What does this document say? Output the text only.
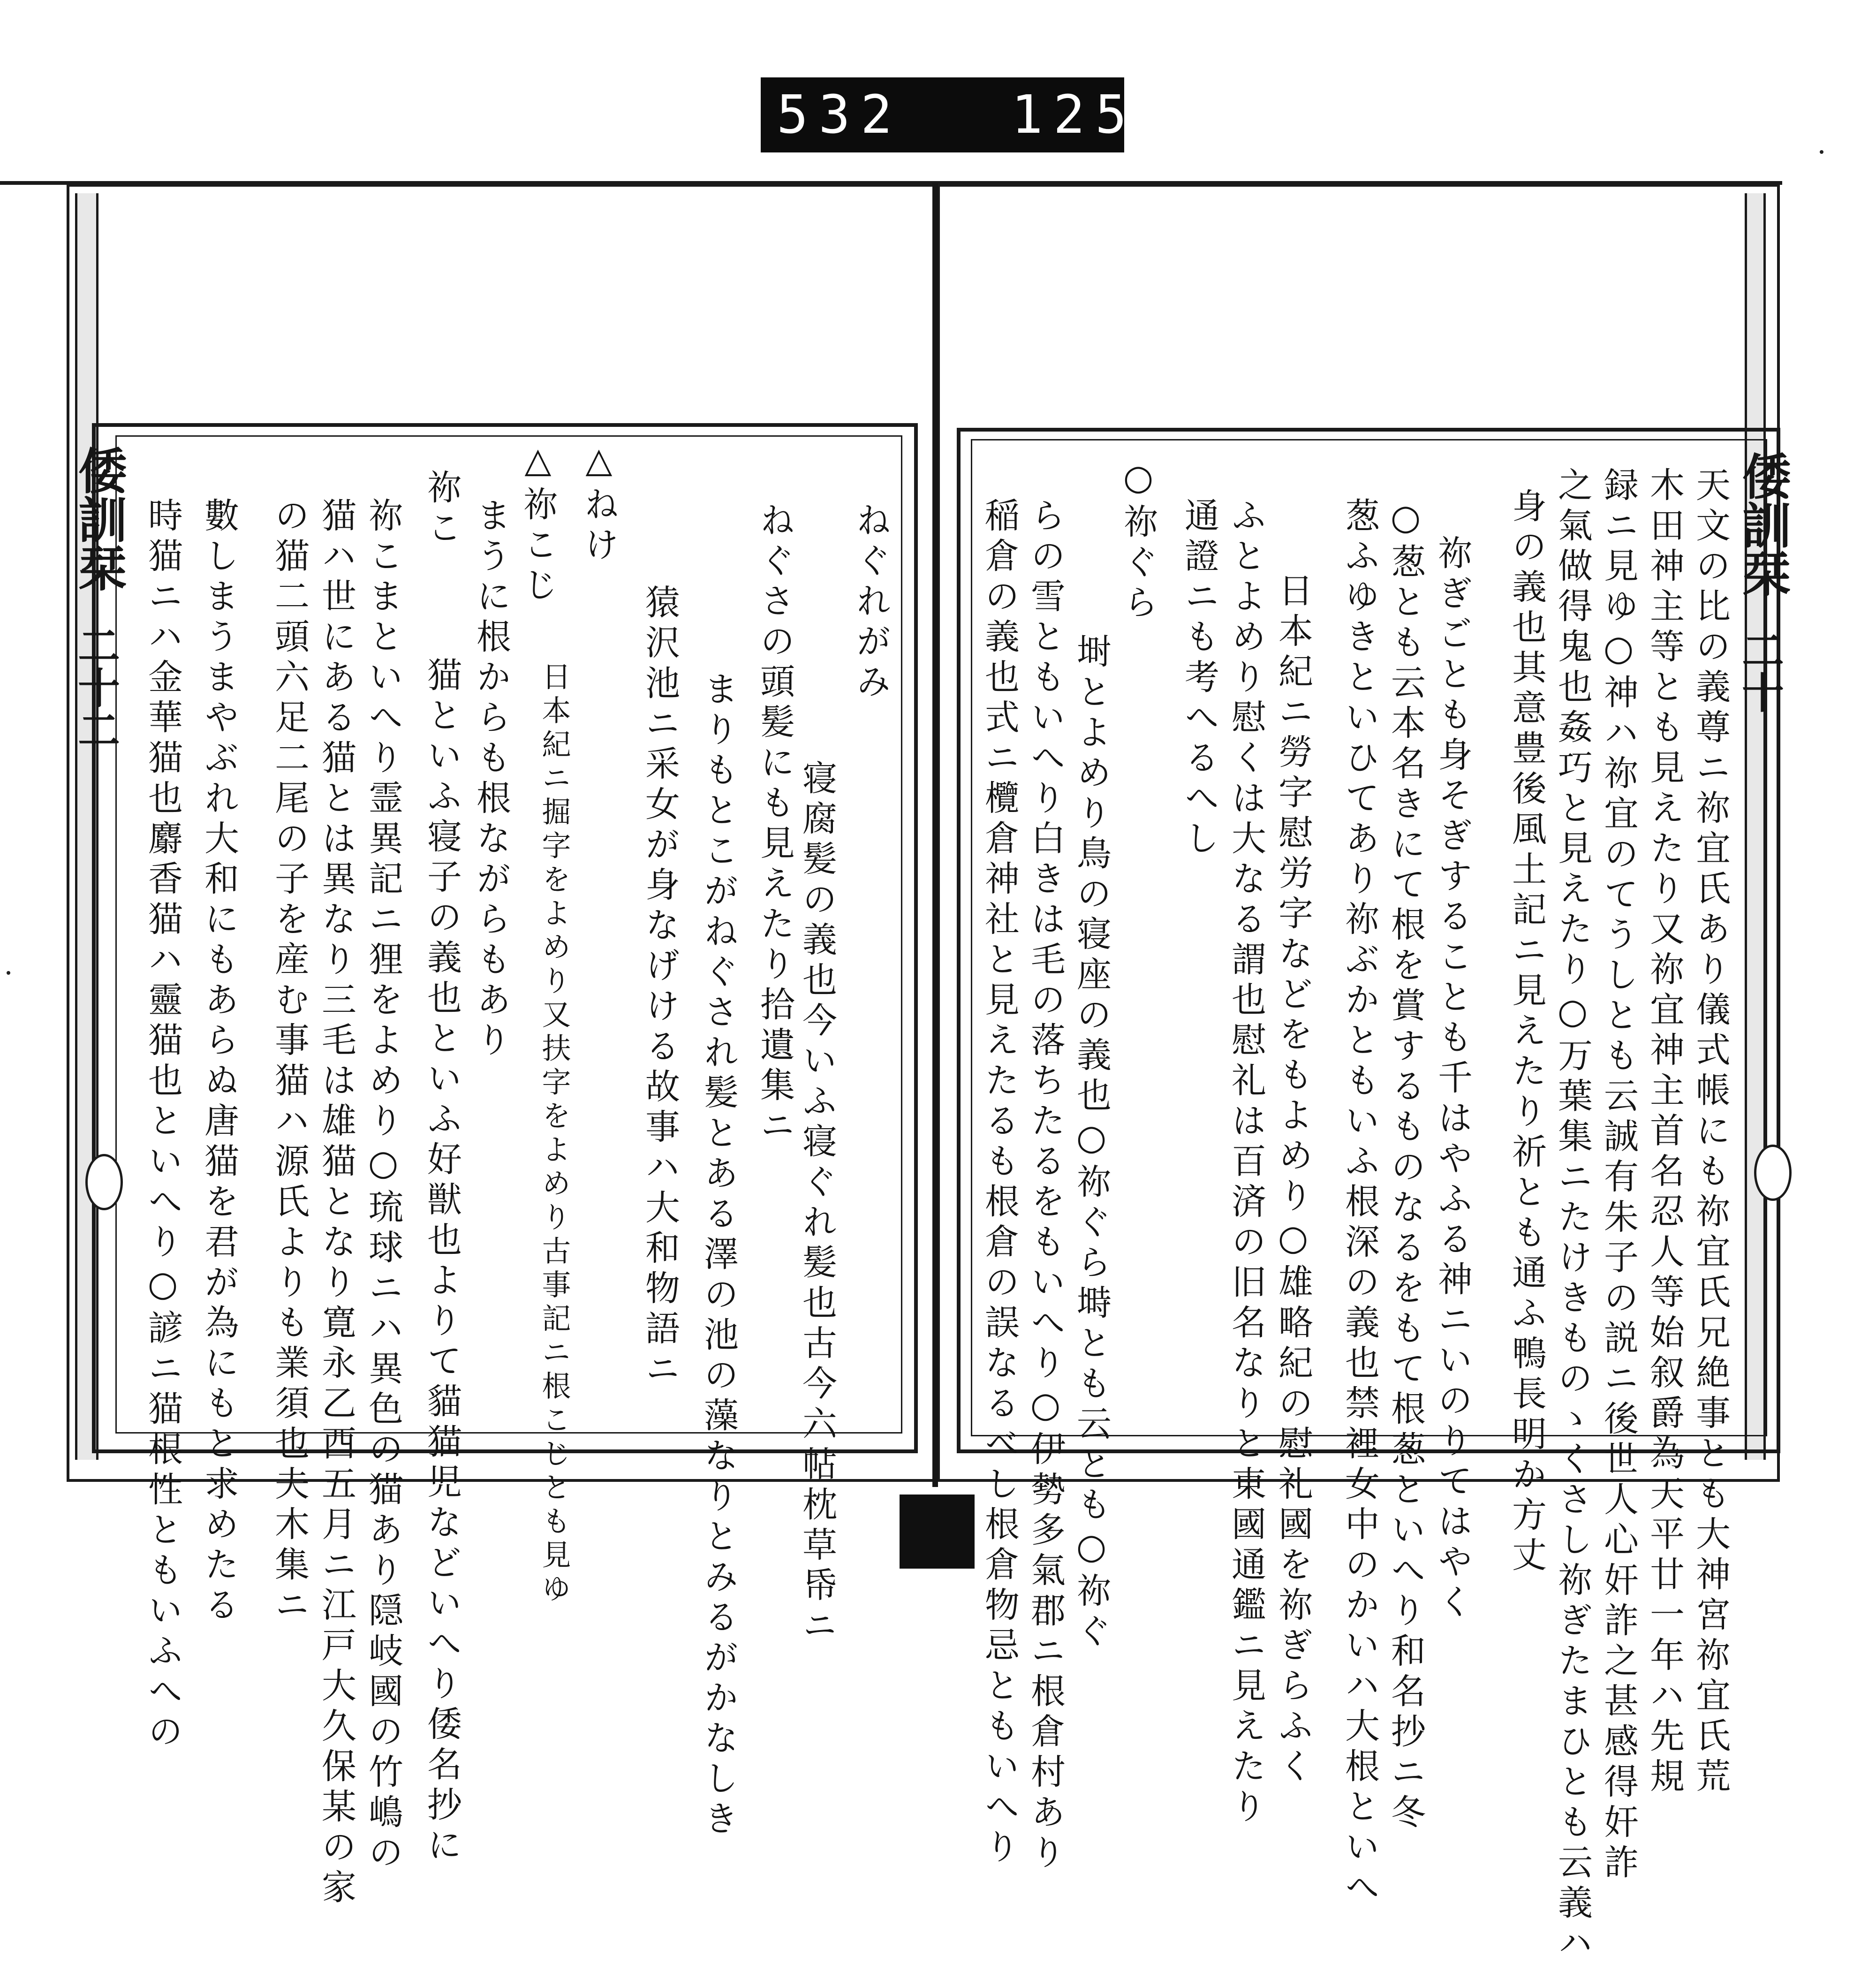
532 125.
倭訓栞
二十
倭訓栞
二十二	天文の比の義尊ニ祢宜氏あり儀式帳にも祢宜氏兄絶事とも大神宮祢宜氏荒
木田神主等とも見えたり又祢宜神主首名忍人等始叙爵為天平廿一年ハ先規
録ニ見ゆ○神ハ祢宜のてうしとも云誠有朱子の説ニ後世人心奸詐之甚感得奸詐
之氣做得鬼也姦巧と見えたり○万葉集ニたけきものゝくさし祢ぎたまひとも云義ハ
身の義也其意豊後風土記ニ見えたり祈とも通ふ鴨長明か方丈
祢ぎごとも身そぎすることも千はやふる神ニいのりてはやく
○葱とも云本名きにて根を賞するものなるをもて根葱といへり和名抄ニ冬
葱ふゆきといひてあり祢ぶかともいふ根深の義也禁裡女中のかいハ大根といへ
日本紀ニ勞字慰労字などをもよめり○雄略紀の慰礼國を祢ぎらふく
ふとよめり慰くは大なる謂也慰礼は百済の旧名なりと東國通鑑ニ見えたり
通證ニも考へるへし
○祢ぐら
埘とよめり鳥の寝座の義也○祢ぐら塒とも云とも○祢ぐ
らの雪ともいへり白きは毛の落ちたるをもいへり○伊勢多氣郡ニ根倉村あり
稲倉の義也式ニ欖倉神社と見えたるも根倉の誤なるべし根倉物忌ともいへり
ねぐれがみ
ねぐさの頭髪にも見えたり拾遺集ニ 寝腐髪の義也今いふ寝ぐれ髪也古今六帖枕草帋ニ
まりもとこがねぐされ髪とある澤の池の藻なりとみるがかなしき
猿沢池ニ采女が身なげける故事ハ大和物語ニ
△ねけ
△祢こじ
日本紀ニ掘字をよめり又扶字をよめり古事記ニ根こじとも見ゆ
まうに根からも根ながらもあり
祢こ
猫といふ寝子の義也といふ好獣也よりて貓猫児などいへり倭名抄に
祢こまといへり霊異記ニ狸をよめり○琉球ニハ異色の猫あり隠岐國の竹嶋の
猫ハ世にある猫とは異なり三毛は雄猫となり寛永乙酉五月ニ江戸大久保某の家
の猫二頭六足二尾の子を産む事猫ハ源氏よりも業須也夫木集ニ
數しまうまやぶれ大和にもあらぬ唐猫を君が為にもと求めたる
時猫ニハ金華猫也麝香猫ハ靈猫也といへり○諺ニ猫根性ともいふへの
